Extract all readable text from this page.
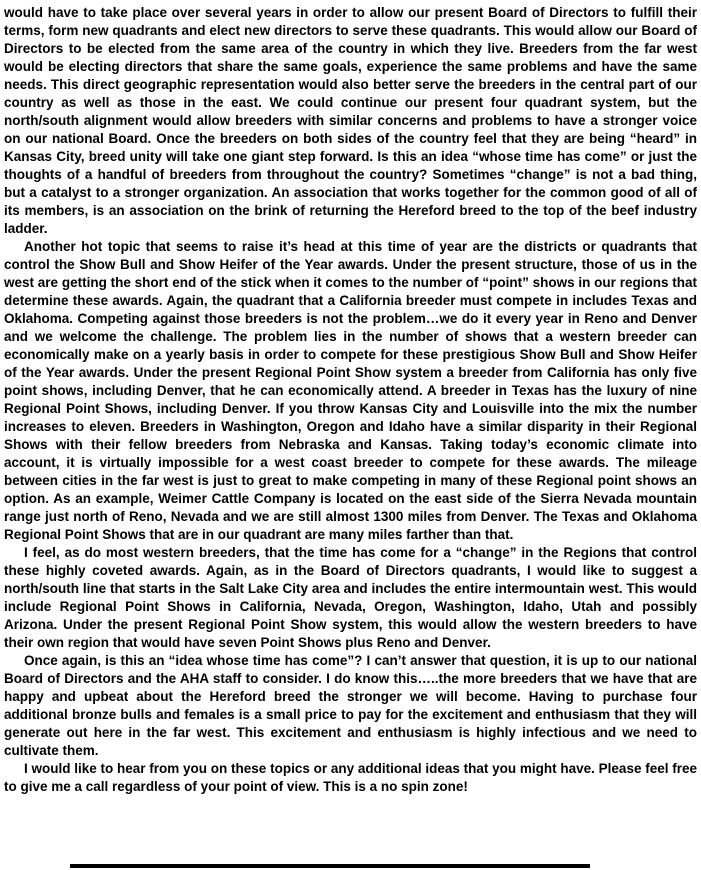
would have to take place over several years in order to allow our present Board of Directors to fulfill their terms, form new quadrants and elect new directors to serve these quadrants. This would allow our Board of Directors to be elected from the same area of the country in which they live. Breeders from the far west would be electing directors that share the same goals, experience the same problems and have the same needs. This direct geographic representation would also better serve the breeders in the central part of our country as well as those in the east. We could continue our present four quadrant system, but the north/south alignment would allow breeders with similar concerns and problems to have a stronger voice on our national Board. Once the breeders on both sides of the country feel that they are being “heard” in Kansas City, breed unity will take one giant step forward. Is this an idea “whose time has come” or just the thoughts of a handful of breeders from throughout the country? Sometimes “change” is not a bad thing, but a catalyst to a stronger organization. An association that works together for the common good of all of its members, is an association on the brink of returning the Hereford breed to the top of the beef industry ladder.

Another hot topic that seems to raise it’s head at this time of year are the districts or quadrants that control the Show Bull and Show Heifer of the Year awards. Under the present structure, those of us in the west are getting the short end of the stick when it comes to the number of “point” shows in our regions that determine these awards. Again, the quadrant that a California breeder must compete in includes Texas and Oklahoma. Competing against those breeders is not the problem…we do it every year in Reno and Denver and we welcome the challenge. The problem lies in the number of shows that a western breeder can economically make on a yearly basis in order to compete for these prestigious Show Bull and Show Heifer of the Year awards. Under the present Regional Point Show system a breeder from California has only five point shows, including Denver, that he can economically attend. A breeder in Texas has the luxury of nine Regional Point Shows, including Denver. If you throw Kansas City and Louisville into the mix the number increases to eleven. Breeders in Washington, Oregon and Idaho have a similar disparity in their Regional Shows with their fellow breeders from Nebraska and Kansas. Taking today’s economic climate into account, it is virtually impossible for a west coast breeder to compete for these awards. The mileage between cities in the far west is just to great to make competing in many of these Regional point shows an option. As an example, Weimer Cattle Company is located on the east side of the Sierra Nevada mountain range just north of Reno, Nevada and we are still almost 1300 miles from Denver. The Texas and Oklahoma Regional Point Shows that are in our quadrant are many miles farther than that.

I feel, as do most western breeders, that the time has come for a “change” in the Regions that control these highly coveted awards. Again, as in the Board of Directors quadrants, I would like to suggest a north/south line that starts in the Salt Lake City area and includes the entire intermountain west. This would include Regional Point Shows in California, Nevada, Oregon, Washington, Idaho, Utah and possibly Arizona. Under the present Regional Point Show system, this would allow the western breeders to have their own region that would have seven Point Shows plus Reno and Denver.

Once again, is this an “idea whose time has come”? I can’t answer that question, it is up to our national Board of Directors and the AHA staff to consider. I do know this…..the more breeders that we have that are happy and upbeat about the Hereford breed the stronger we will become. Having to purchase four additional bronze bulls and females is a small price to pay for the excitement and enthusiasm that they will generate out here in the far west. This excitement and enthusiasm is highly infectious and we need to cultivate them.

I would like to hear from you on these topics or any additional ideas that you might have. Please feel free to give me a call regardless of your point of view. This is a no spin zone!
